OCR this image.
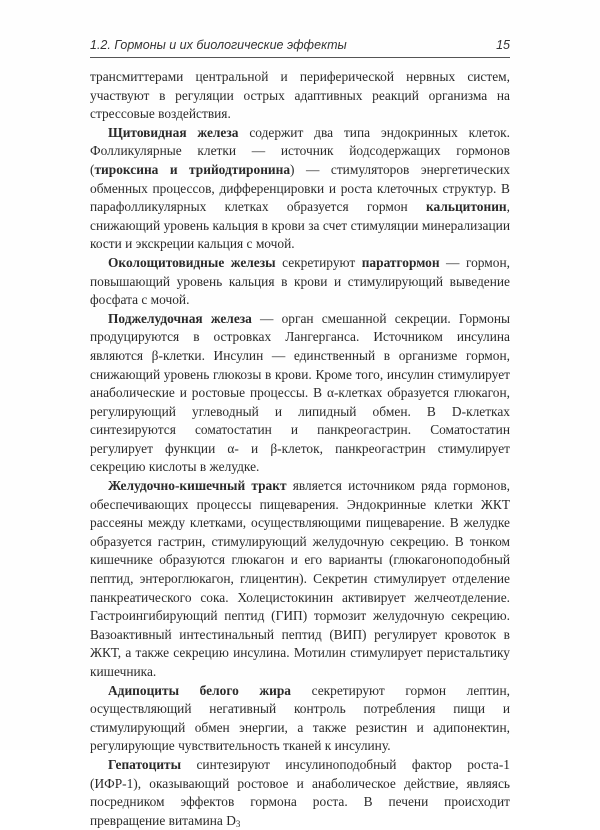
1.2. Гормоны и их биологические эффекты	15

трансмиттерами центральной и периферической нервных систем, участвуют в регуляции острых адаптивных реакций организма на стрессовые воздействия.

Щитовидная железа содержит два типа эндокринных клеток. Фолликулярные клетки — источник йодсодержащих гормонов (тироксина и трийодтиронина) — стимуляторов энергетических обменных процессов, дифференцировки и роста клеточных структур. В парафолликулярных клетках образуется гормон кальцитонин, снижающий уровень кальция в крови за счет стимуляции минерализации кости и экскреции кальция с мочой.

Околощитовидные железы секретируют паратгормон — гормон, повышающий уровень кальция в крови и стимулирующий выведение фосфата с мочой.

Поджелудочная железа — орган смешанной секреции. Гормоны продуцируются в островках Лангерганса. Источником инсулина являются β-клетки. Инсулин — единственный в организме гормон, снижающий уровень глюкозы в крови. Кроме того, инсулин стимулирует анаболические и ростовые процессы. В α-клетках образуется глюкагон, регулирующий углеводный и липидный обмен. В D-клетках синтезируются соматостатин и панкреогастрин. Соматостатин регулирует функции α- и β-клеток, панкреогастрин стимулирует секрецию кислоты в желудке.

Желудочно-кишечный тракт является источником ряда гормонов, обеспечивающих процессы пищеварения. Эндокринные клетки ЖКТ рассеяны между клетками, осуществляющими пищеварение. В желудке образуется гастрин, стимулирующий желудочную секрецию. В тонком кишечнике образуются глюкагон и его варианты (глюкагоноподобный пептид, энтероглюкагон, глицентин). Секретин стимулирует отделение панкреатического сока. Холецистокинин активирует желчеотделение. Гастроингибирующий пептид (ГИП) тормозит желудочную секрецию. Вазоактивный интестинальный пептид (ВИП) регулирует кровоток в ЖКТ, а также секрецию инсулина. Мотилин стимулирует перистальтику кишечника.

Адипоциты белого жира секретируют гормон лептин, осуществляющий негативный контроль потребления пищи и стимулирующий обмен энергии, а также резистин и адипонектин, регулирующие чувствительность тканей к инсулину.

Гепатоциты синтезируют инсулиноподобный фактор роста-1 (ИФР-1), оказывающий ростовое и анаболическое действие, являясь посредником эффектов гормона роста. В печени происходит превращение витамина $D_3$
